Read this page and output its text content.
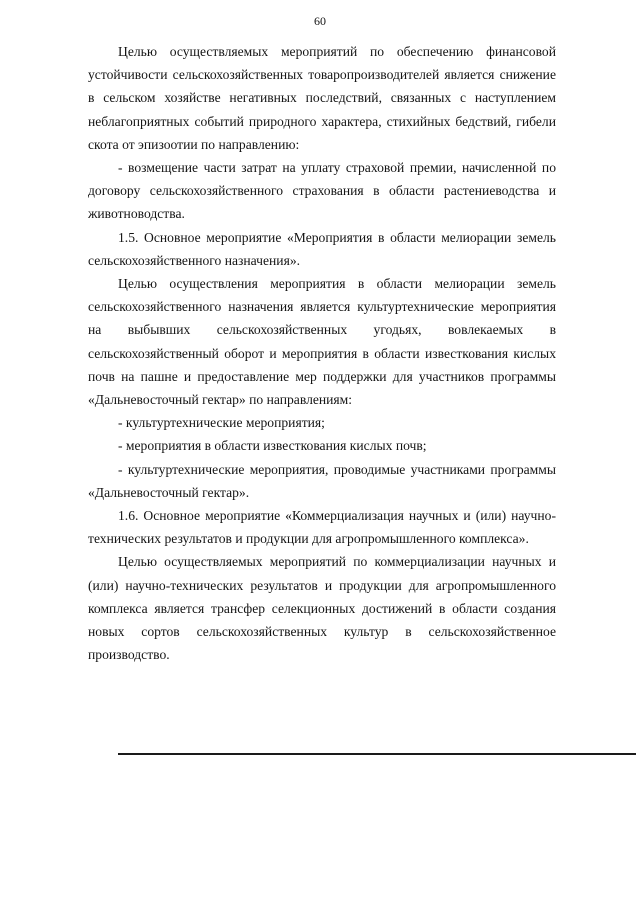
60

Целью осуществляемых мероприятий по обеспечению финансовой устойчивости сельскохозяйственных товаропроизводителей является снижение в сельском хозяйстве негативных последствий, связанных с наступлением неблагоприятных событий природного характера, стихийных бедствий, гибели скота от эпизоотии по направлению:

- возмещение части затрат на уплату страховой премии, начисленной по договору сельскохозяйственного страхования в области растениеводства и животноводства.

1.5. Основное мероприятие «Мероприятия в области мелиорации земель сельскохозяйственного назначения».

Целью осуществления мероприятия в области мелиорации земель сельскохозяйственного назначения является культуртехнические мероприятия на выбывших сельскохозяйственных угодьях, вовлекаемых в сельскохозяйственный оборот и мероприятия в области известкования кислых почв на пашне и предоставление мер поддержки для участников программы «Дальневосточный гектар» по направлениям:

- культуртехнические мероприятия;

- мероприятия в области известкования кислых почв;

- культуртехнические мероприятия, проводимые участниками программы «Дальневосточный гектар».

1.6. Основное мероприятие «Коммерциализация научных и (или) научно-технических результатов и продукции для агропромышленного комплекса».

Целью осуществляемых мероприятий по коммерциализации научных и (или) научно-технических результатов и продукции для агропромышленного комплекса является трансфер селекционных достижений в области создания новых сортов сельскохозяйственных культур в сельскохозяйственное производство.
